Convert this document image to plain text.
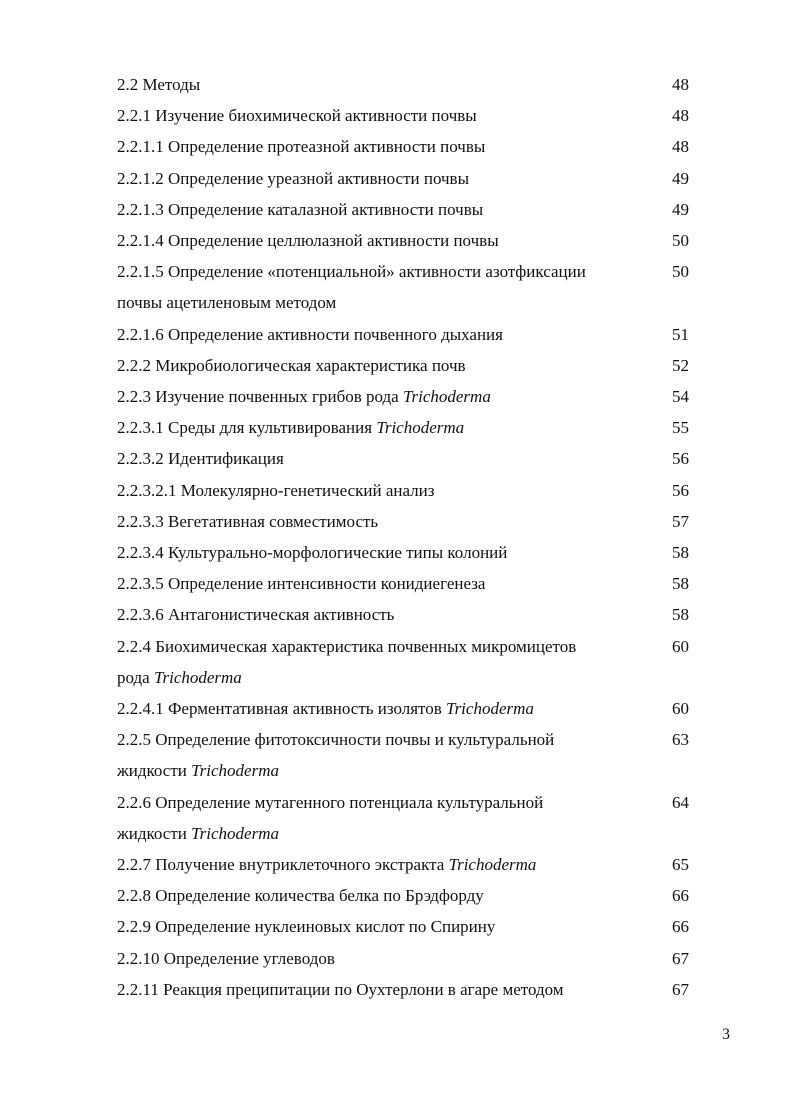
2.2 Методы	48
2.2.1 Изучение биохимической активности почвы	48
2.2.1.1 Определение протеазной активности почвы	48
2.2.1.2 Определение уреазной активности почвы	49
2.2.1.3 Определение каталазной активности почвы	49
2.2.1.4 Определение целлюлазной активности почвы	50
2.2.1.5 Определение «потенциальной» активности азотфиксации	50
почвы ацетиленовым методом
2.2.1.6 Определение активности почвенного дыхания	51
2.2.2 Микробиологическая характеристика почв	52
2.2.3 Изучение почвенных грибов рода Trichoderma	54
2.2.3.1 Среды для культивирования Trichoderma	55
2.2.3.2 Идентификация	56
2.2.3.2.1 Молекулярно-генетический анализ	56
2.2.3.3 Вегетативная совместимость	57
2.2.3.4 Культурально-морфологические типы колоний	58
2.2.3.5 Определение интенсивности конидиегенеза	58
2.2.3.6 Антагонистическая активность	58
2.2.4 Биохимическая характеристика почвенных микромицетов	60
рода Trichoderma
2.2.4.1 Ферментативная активность изолятов Trichoderma	60
2.2.5 Определение фитотоксичности почвы и культуральной	63
жидкости Trichoderma
2.2.6 Определение мутагенного потенциала культуральной	64
жидкости Trichoderma
2.2.7 Получение внутриклеточного экстракта Trichoderma	65
2.2.8 Определение количества белка по Брэдфорду	66
2.2.9 Определение нуклеиновых кислот по Спирину	66
2.2.10 Определение углеводов	67
2.2.11 Реакция преципитации по Оухтерлони в агаре методом	67
3
